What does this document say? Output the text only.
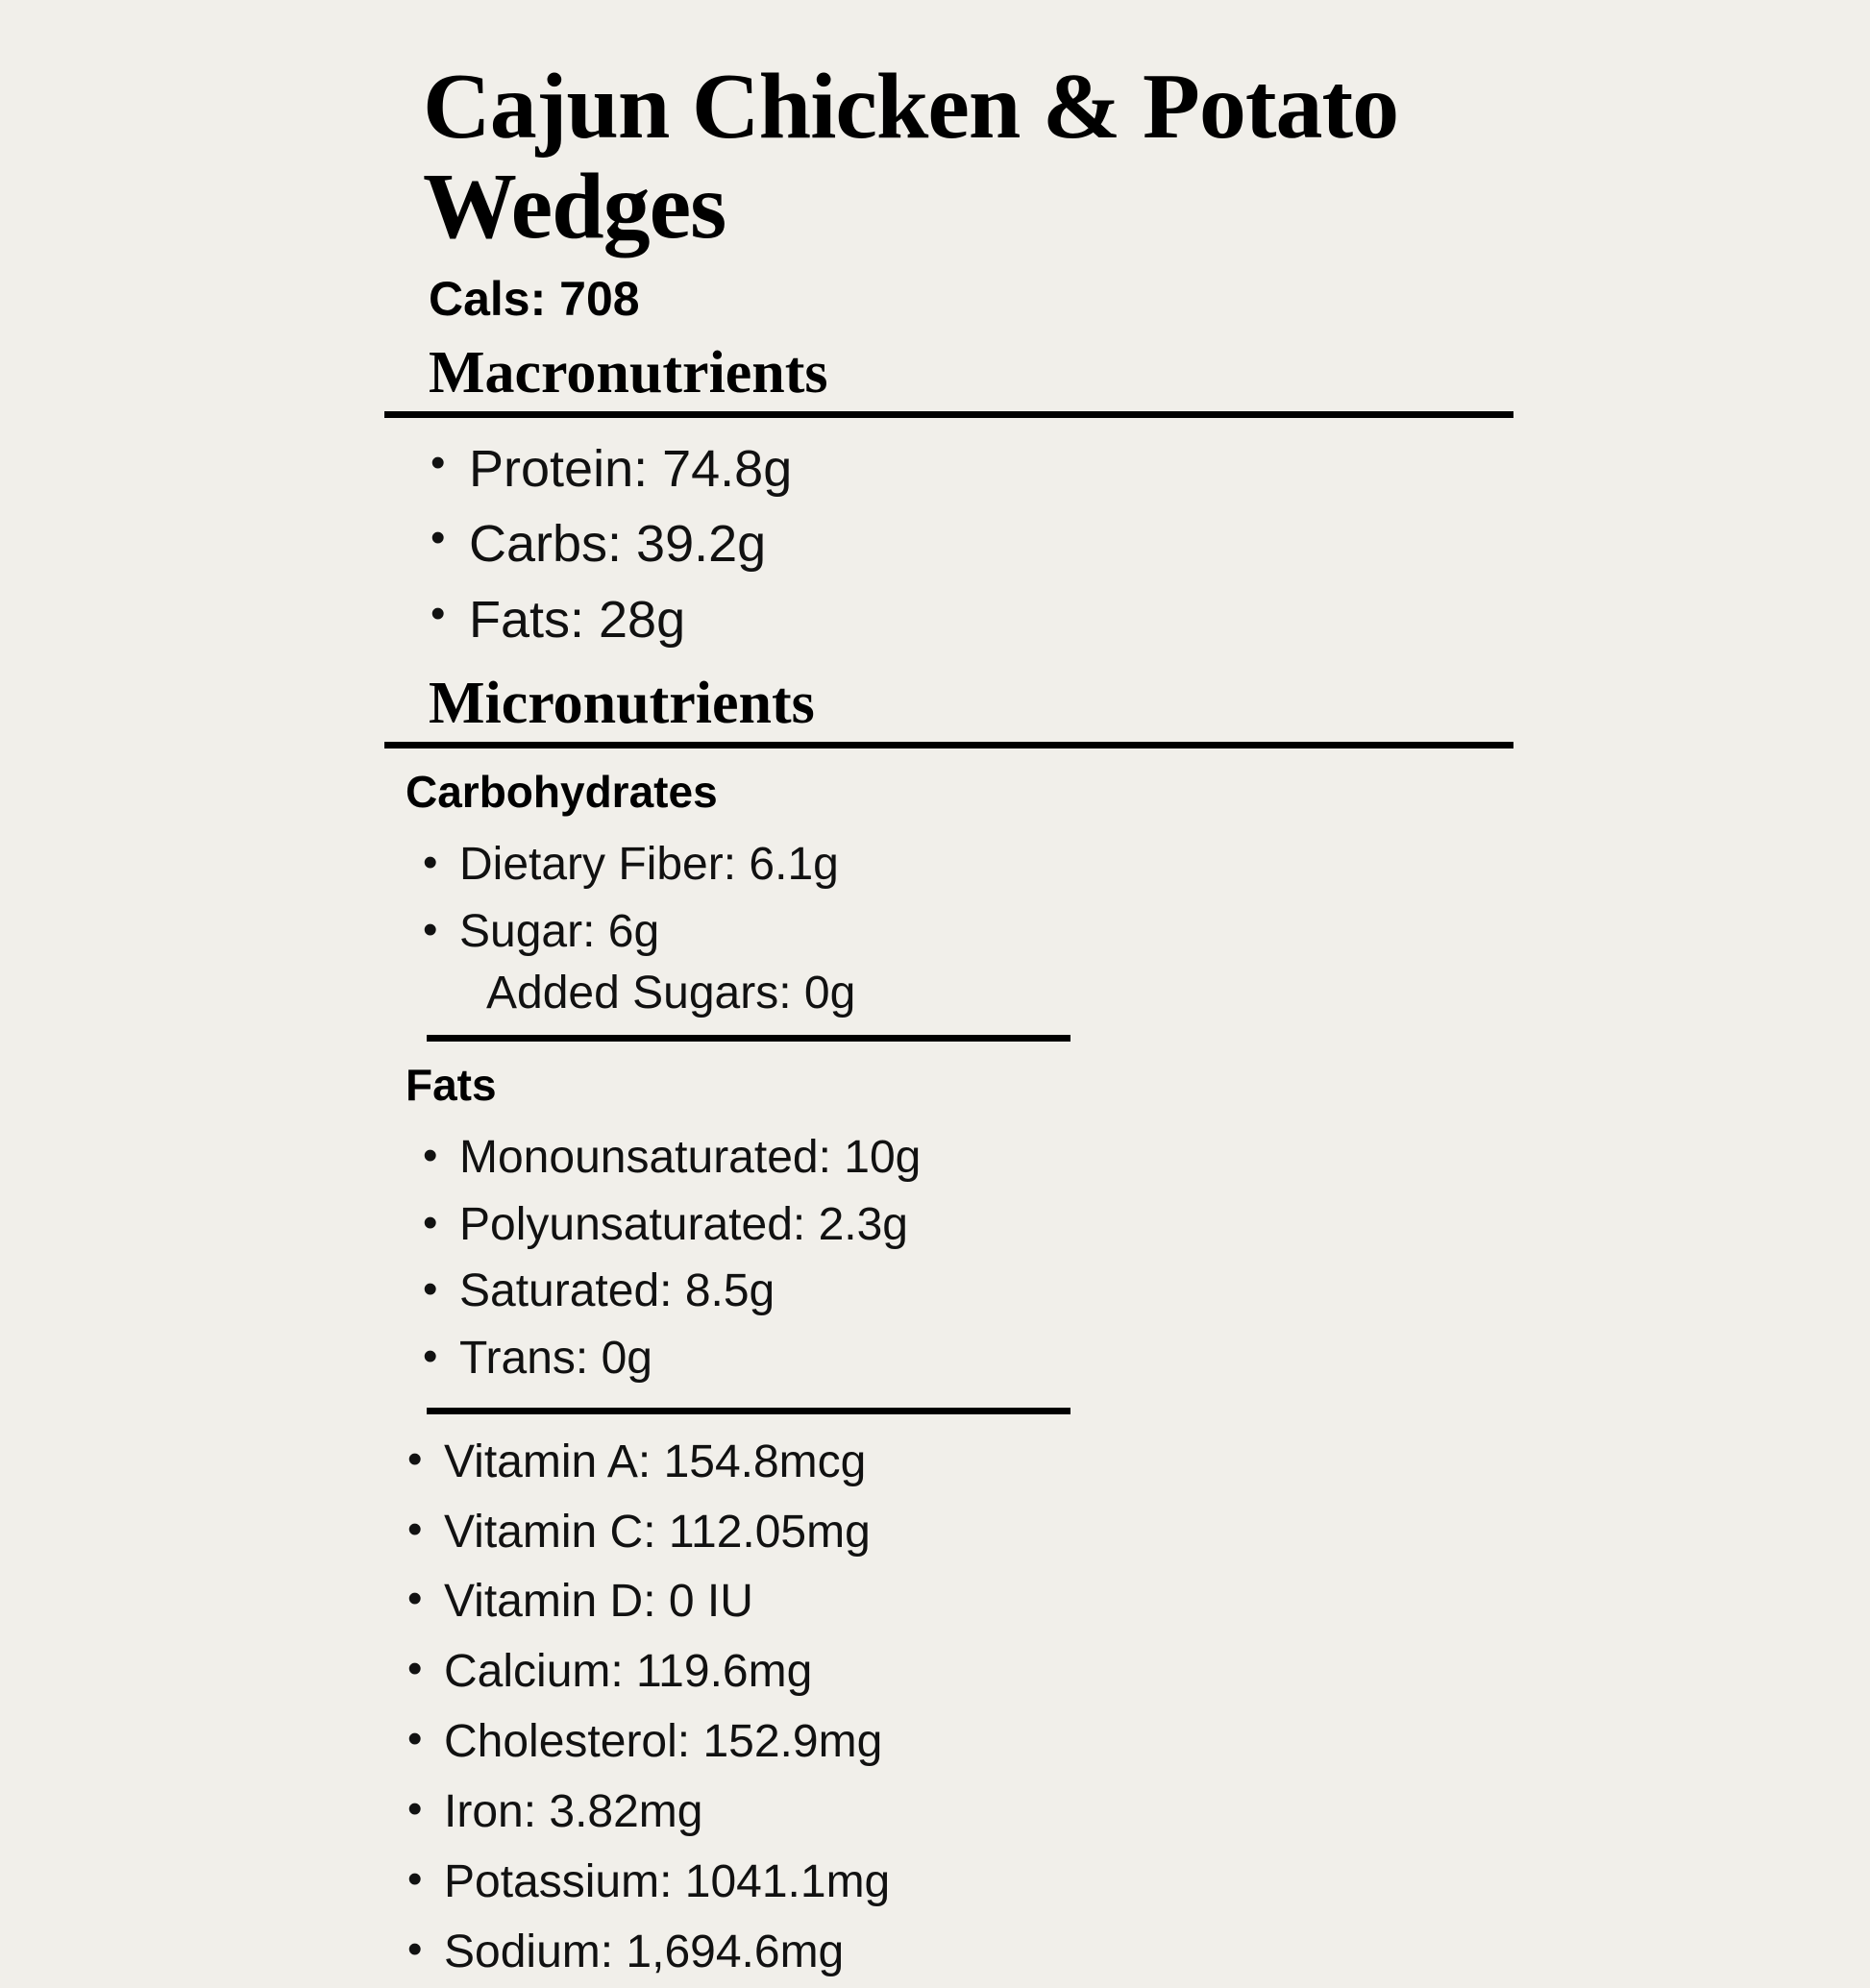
Cajun Chicken & Potato Wedges
Cals: 708
Macronutrients
• Protein: 74.8g
• Carbs: 39.2g
• Fats: 28g
Micronutrients
Carbohydrates
• Dietary Fiber: 6.1g
• Sugar: 6g
Added Sugars: 0g
Fats
• Monounsaturated: 10g
• Polyunsaturated: 2.3g
• Saturated: 8.5g
• Trans: 0g
• Vitamin A: 154.8mcg
• Vitamin C: 112.05mg
• Vitamin D: 0 IU
• Calcium: 119.6mg
• Cholesterol: 152.9mg
• Iron: 3.82mg
• Potassium: 1041.1mg
• Sodium: 1,694.6mg
